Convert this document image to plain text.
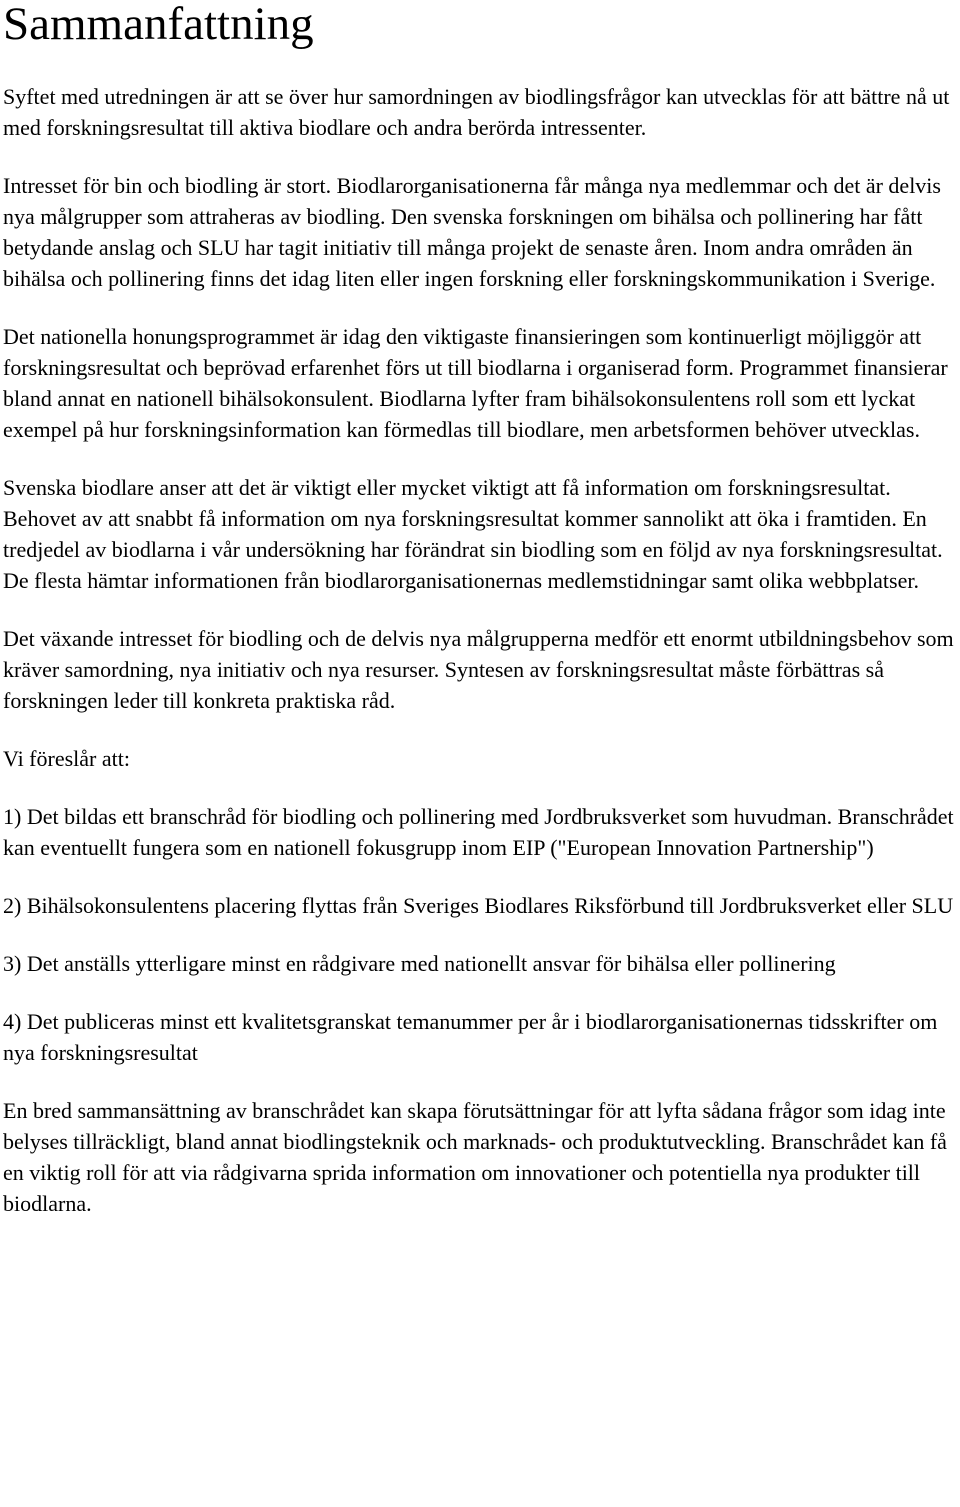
Sammanfattning

Syftet med utredningen är att se över hur samordningen av biodlingsfrågor kan utvecklas för att bättre nå ut med forskningsresultat till aktiva biodlare och andra berörda intressenter.

Intresset för bin och biodling är stort. Biodlarorganisationerna får många nya medlemmar och det är delvis nya målgrupper som attraheras av biodling. Den svenska forskningen om bihälsa och pollinering har fått betydande anslag och SLU har tagit initiativ till många projekt de senaste åren. Inom andra områden än bihälsa och pollinering finns det idag liten eller ingen forskning eller forskningskommunikation i Sverige.

Det nationella honungsprogrammet är idag den viktigaste finansieringen som kontinuerligt möjliggör att forskningsresultat och beprövad erfarenhet förs ut till biodlarna i organiserad form. Programmet finansierar bland annat en nationell bihälsokonsulent. Biodlarna lyfter fram bihälsokonsulentens roll som ett lyckat exempel på hur forskningsinformation kan förmedlas till biodlare, men arbetsformen behöver utvecklas.

Svenska biodlare anser att det är viktigt eller mycket viktigt att få information om forskningsresultat. Behovet av att snabbt få information om nya forskningsresultat kommer sannolikt att öka i framtiden. En tredjedel av biodlarna i vår undersökning har förändrat sin biodling som en följd av nya forskningsresultat. De flesta hämtar informationen från biodlarorganisationernas medlemstidningar samt olika webbplatser.

Det växande intresset för biodling och de delvis nya målgrupperna medför ett enormt utbildningsbehov som kräver samordning, nya initiativ och nya resurser. Syntesen av forskningsresultat måste förbättras så forskningen leder till konkreta praktiska råd.

Vi föreslår att:

1) Det bildas ett branschråd för biodling och pollinering med Jordbruksverket som huvudman. Branschrådet kan eventuellt fungera som en nationell fokusgrupp inom EIP ("European Innovation Partnership")

2) Bihälsokonsulentens placering flyttas från Sveriges Biodlares Riksförbund till Jordbruksverket eller SLU

3) Det anställs ytterligare minst en rådgivare med nationellt ansvar för bihälsa eller pollinering

4) Det publiceras minst ett kvalitetsgranskat temanummer per år i biodlarorganisationernas tidsskrifter om nya forskningsresultat

En bred sammansättning av branschrådet kan skapa förutsättningar för att lyfta sådana frågor som idag inte belyses tillräckligt, bland annat biodlingsteknik och marknads- och produktutveckling. Branschrådet kan få en viktig roll för att via rådgivarna sprida information om innovationer och potentiella nya produkter till biodlarna.
